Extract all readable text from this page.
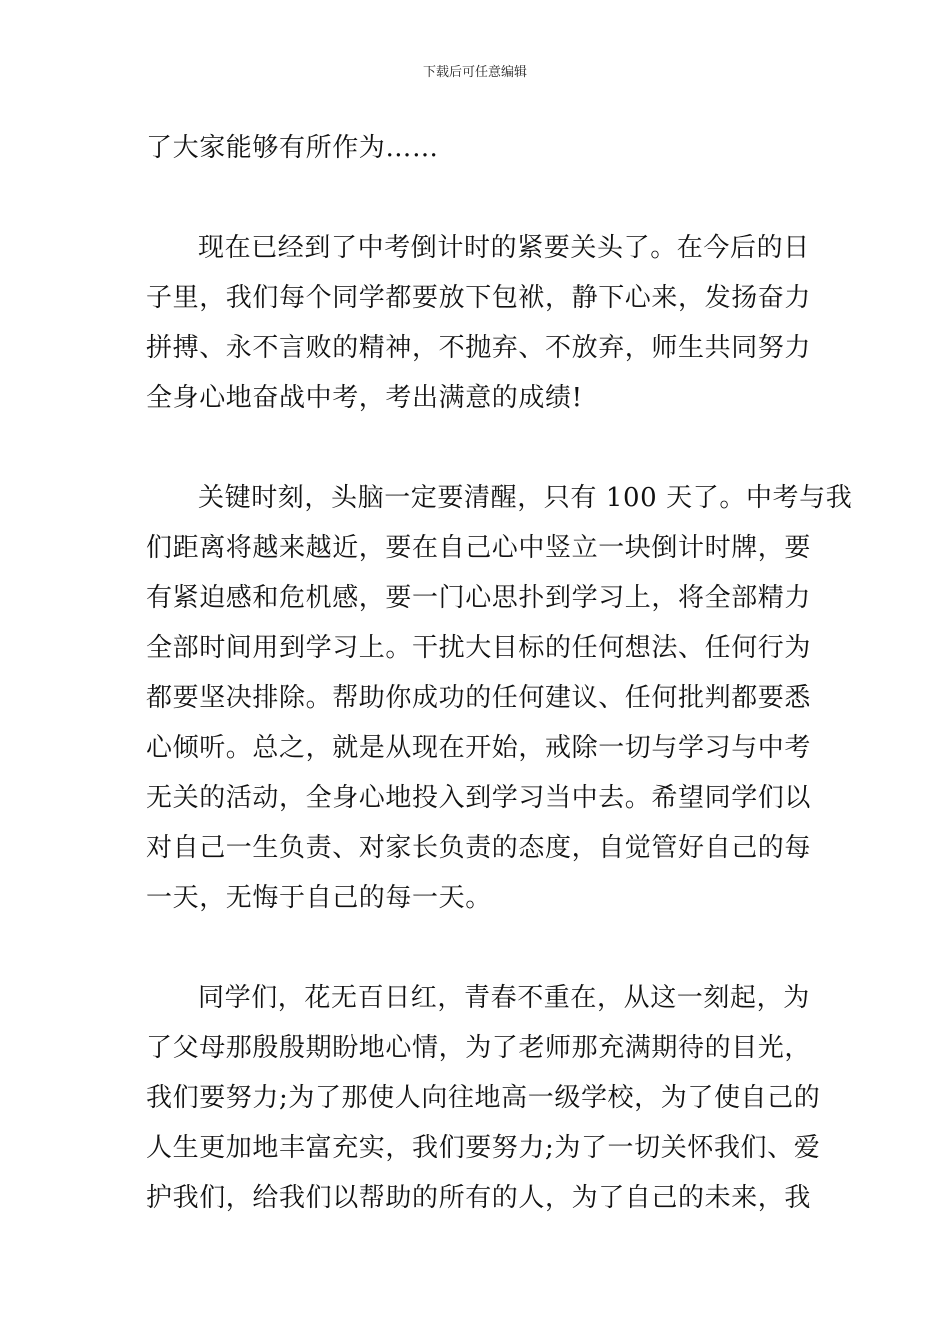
下载后可任意编辑
了大家能够有所作为……
现在已经到了中考倒计时的紧要关头了。在今后的日
子里，我们每个同学都要放下包袱，静下心来，发扬奋力
拼搏、永不言败的精神，不抛弃、不放弃，师生共同努力
全身心地奋战中考，考出满意的成绩!
关键时刻，头脑一定要清醒，只有 100 天了。中考与我
们距离将越来越近，要在自己心中竖立一块倒计时牌，要
有紧迫感和危机感，要一门心思扑到学习上，将全部精力
全部时间用到学习上。干扰大目标的任何想法、任何行为
都要坚决排除。帮助你成功的任何建议、任何批判都要悉
心倾听。总之，就是从现在开始，戒除一切与学习与中考
无关的活动，全身心地投入到学习当中去。希望同学们以
对自己一生负责、对家长负责的态度，自觉管好自己的每
一天，无悔于自己的每一天。
同学们，花无百日红，青春不重在，从这一刻起，为
了父母那殷殷期盼地心情，为了老师那充满期待的目光，
我们要努力;为了那使人向往地高一级学校，为了使自己的
人生更加地丰富充实，我们要努力;为了一切关怀我们、爱
护我们，给我们以帮助的所有的人，为了自己的未来，我
